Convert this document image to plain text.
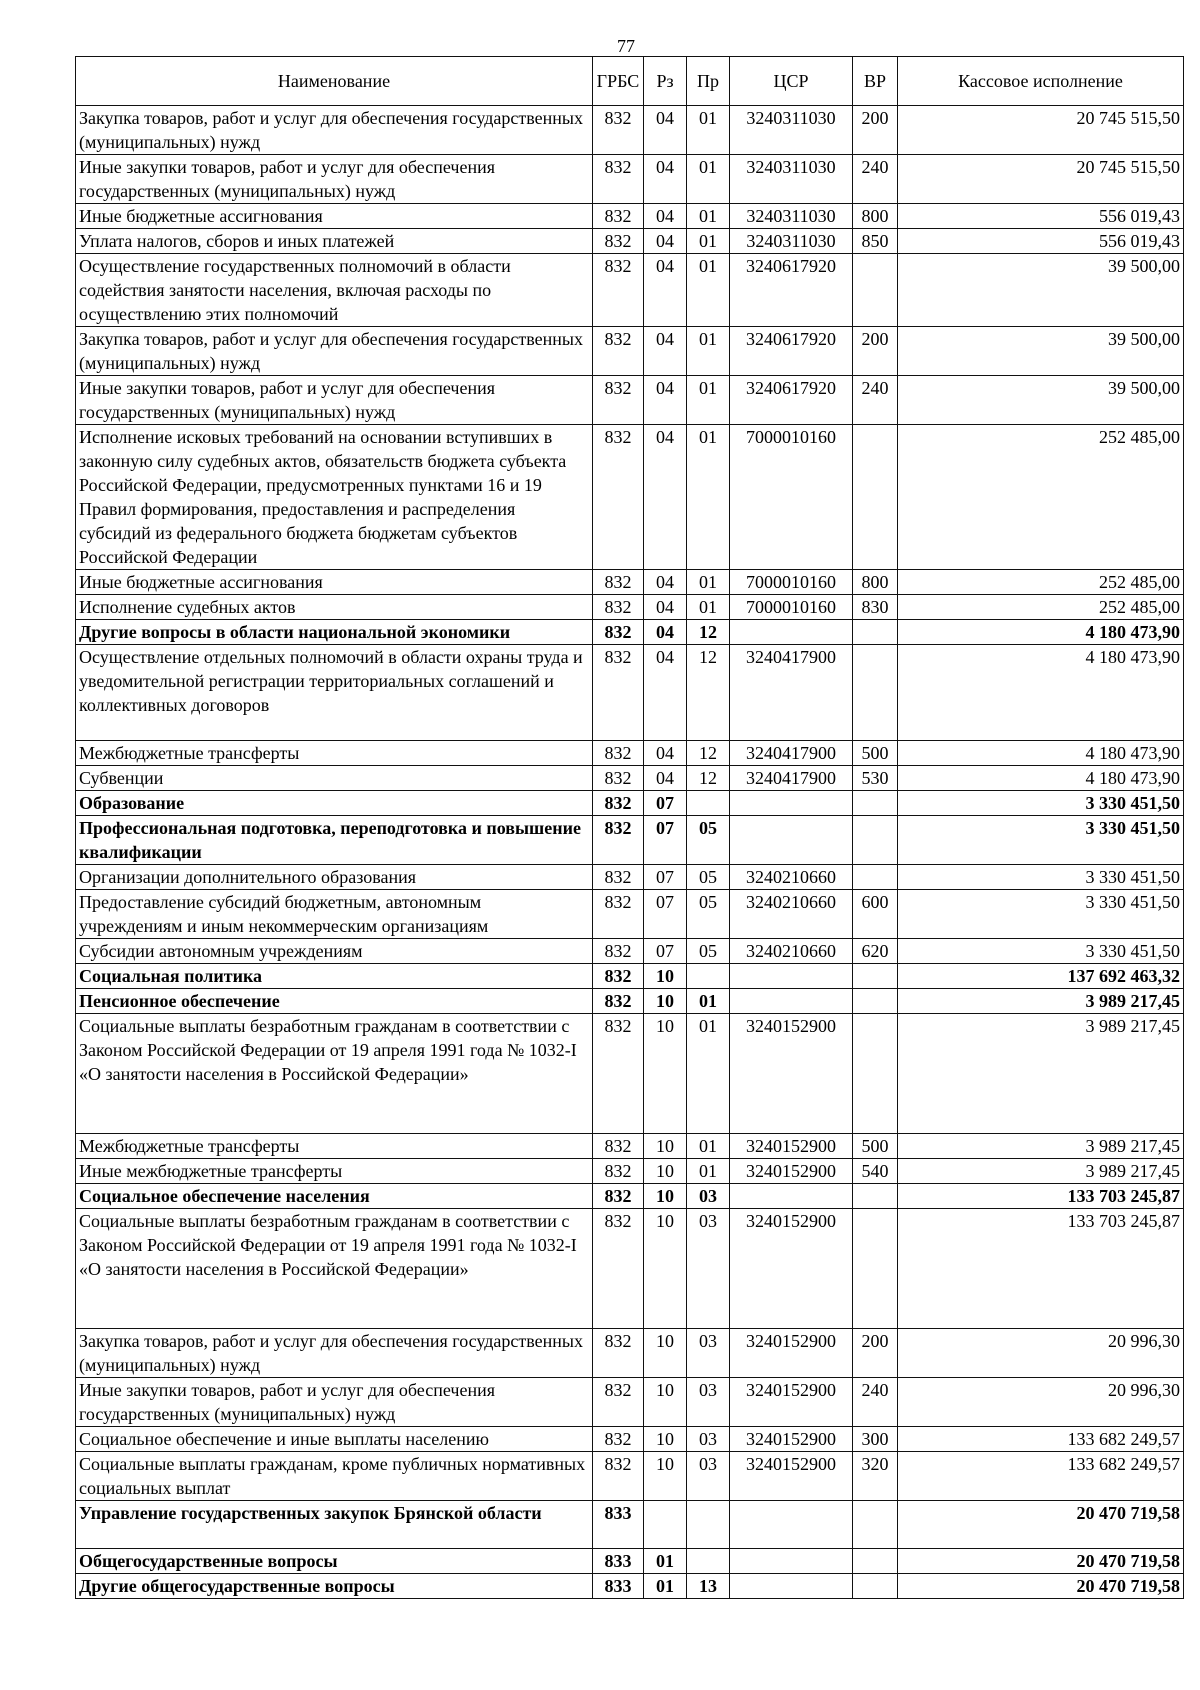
77
Наименование	ГРБС	Рз	Пр	ЦСР	ВР	Кассовое исполнение
Закупка товаров, работ и услуг для обеспечения государственных (муниципальных) нужд	832	04	01	3240311030	200	20 745 515,50
Иные закупки товаров, работ и услуг для обеспечения государственных (муниципальных) нужд	832	04	01	3240311030	240	20 745 515,50
Иные бюджетные ассигнования	832	04	01	3240311030	800	556 019,43
Уплата налогов, сборов и иных платежей	832	04	01	3240311030	850	556 019,43
Осуществление государственных полномочий в области содействия занятости населения, включая расходы по осуществлению этих полномочий	832	04	01	3240617920		39 500,00
Закупка товаров, работ и услуг для обеспечения государственных (муниципальных) нужд	832	04	01	3240617920	200	39 500,00
Иные закупки товаров, работ и услуг для обеспечения государственных (муниципальных) нужд	832	04	01	3240617920	240	39 500,00
Исполнение исковых требований на основании вступивших в законную силу судебных актов, обязательств бюджета субъекта Российской Федерации, предусмотренных пунктами 16 и 19 Правил формирования, предоставления и распределения субсидий из федерального бюджета бюджетам субъектов Российской Федерации	832	04	01	7000010160		252 485,00
Иные бюджетные ассигнования	832	04	01	7000010160	800	252 485,00
Исполнение судебных актов	832	04	01	7000010160	830	252 485,00
Другие вопросы в области национальной экономики	832	04	12			4 180 473,90
Осуществление отдельных полномочий в области охраны труда и уведомительной регистрации территориальных соглашений и коллективных договоров	832	04	12	3240417900		4 180 473,90
Межбюджетные трансферты	832	04	12	3240417900	500	4 180 473,90
Субвенции	832	04	12	3240417900	530	4 180 473,90
Образование	832	07				3 330 451,50
Профессиональная подготовка, переподготовка и повышение квалификации	832	07	05			3 330 451,50
Организации дополнительного образования	832	07	05	3240210660		3 330 451,50
Предоставление субсидий бюджетным, автономным учреждениям и иным некоммерческим организациям	832	07	05	3240210660	600	3 330 451,50
Субсидии автономным учреждениям	832	07	05	3240210660	620	3 330 451,50
Социальная политика	832	10				137 692 463,32
Пенсионное обеспечение	832	10	01			3 989 217,45
Социальные выплаты безработным гражданам в соответствии с Законом Российской Федерации от 19 апреля 1991 года № 1032-I «О занятости населения в Российской Федерации»	832	10	01	3240152900		3 989 217,45
Межбюджетные трансферты	832	10	01	3240152900	500	3 989 217,45
Иные межбюджетные трансферты	832	10	01	3240152900	540	3 989 217,45
Социальное обеспечение населения	832	10	03			133 703 245,87
Социальные выплаты безработным гражданам в соответствии с Законом Российской Федерации от 19 апреля 1991 года № 1032-I «О занятости населения в Российской Федерации»	832	10	03	3240152900		133 703 245,87
Закупка товаров, работ и услуг для обеспечения государственных (муниципальных) нужд	832	10	03	3240152900	200	20 996,30
Иные закупки товаров, работ и услуг для обеспечения государственных (муниципальных) нужд	832	10	03	3240152900	240	20 996,30
Социальное обеспечение и иные выплаты населению	832	10	03	3240152900	300	133 682 249,57
Социальные выплаты гражданам, кроме публичных нормативных социальных выплат	832	10	03	3240152900	320	133 682 249,57
Управление государственных закупок Брянской области	833					20 470 719,58
Общегосударственные вопросы	833	01				20 470 719,58
Другие общегосударственные вопросы	833	01	13			20 470 719,58
